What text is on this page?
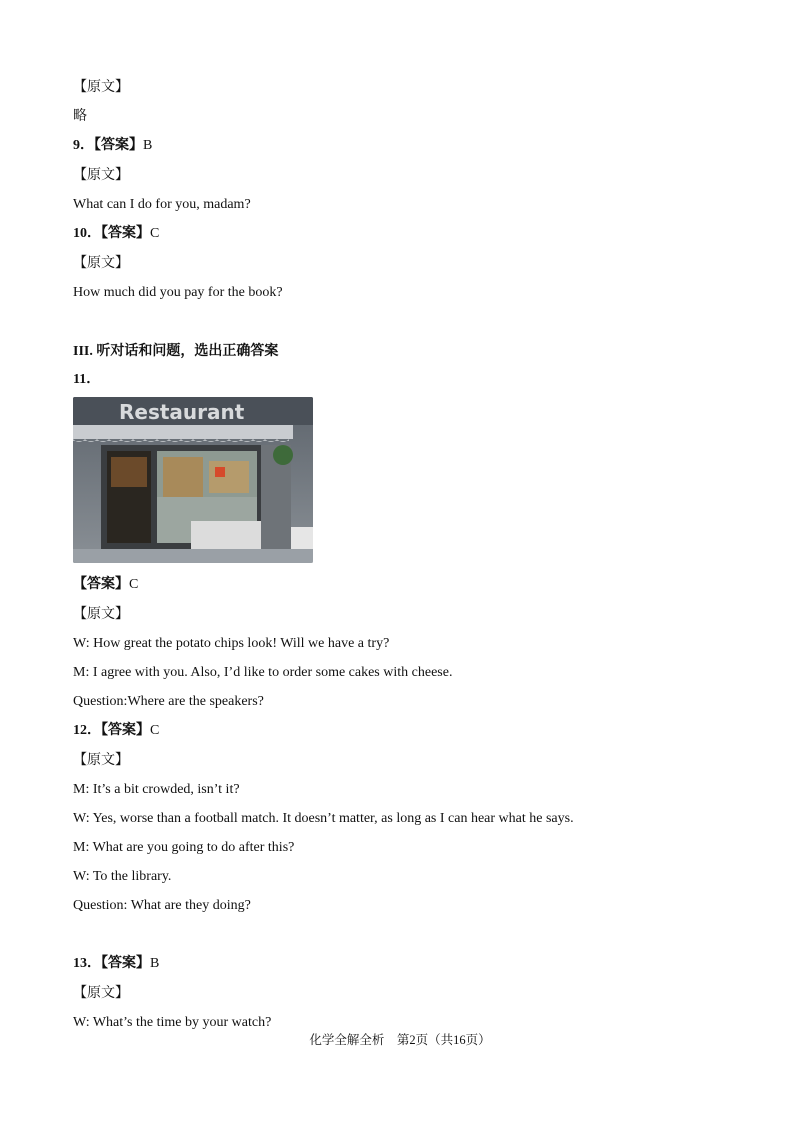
【原文】
略
9．【答案】B
【原文】
What can I do for you, madam?
10．【答案】C
【原文】
How much did you pay for the book?
III. 听对话和问题，选出正确答案
11．
Restaurant
【答案】C
【原文】
W: How great the potato chips look! Will we have a try?
M: I agree with you. Also, I’d like to order some cakes with cheese.
Question:Where are the speakers?
12．【答案】C
【原文】
M: It’s a bit crowded, isn’t it?
W: Yes, worse than a football match. It doesn’t matter, as long as I can hear what he says.
M: What are you going to do after this?
W: To the library.
Question: What are they doing?
13．【答案】B
【原文】
W: What’s the time by your watch?
化学全解全析　第2页（共16页）
